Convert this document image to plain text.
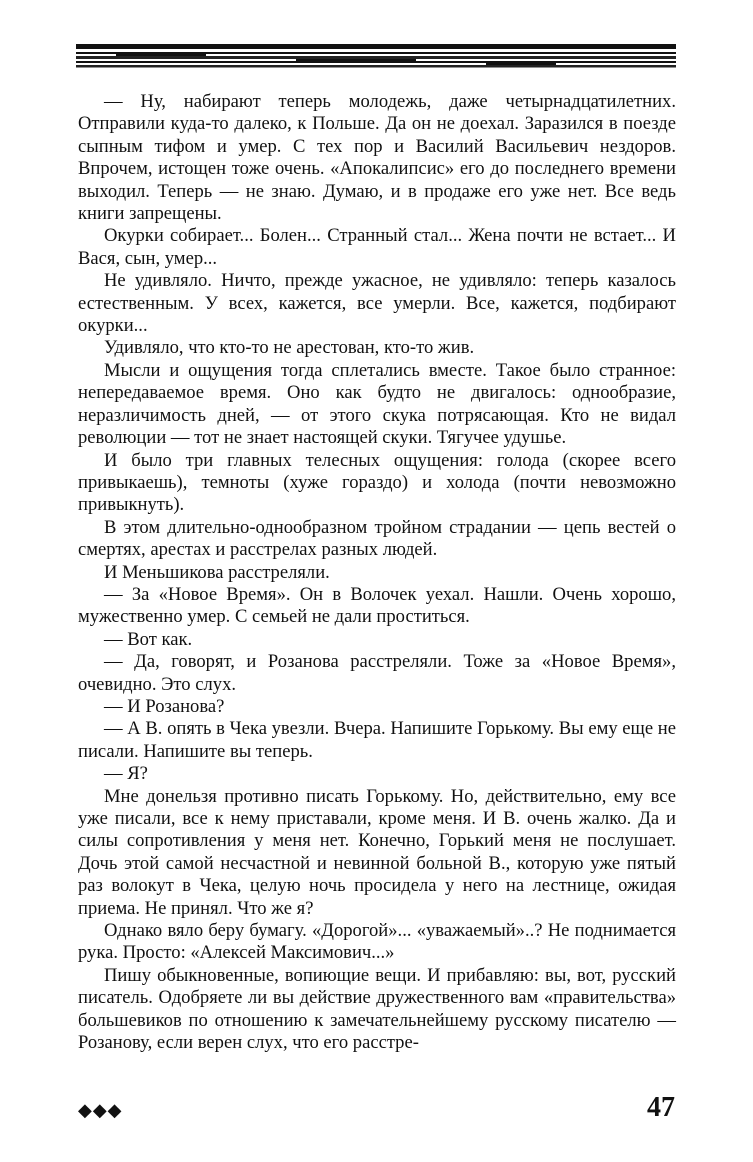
— Ну, набирают теперь молодежь, даже четырнадцатилетних. Отправили куда-то далеко, к Польше. Да он не доехал. Заразился в поезде сыпным тифом и умер. С тех пор и Василий Васильевич нездоров. Впрочем, истощен тоже очень. «Апокалипсис» его до последнего времени выходил. Теперь — не знаю. Думаю, и в продаже его уже нет. Все ведь книги запрещены.

Окурки собирает... Болен... Странный стал... Жена почти не встает... И Вася, сын, умер...

Не удивляло. Ничто, прежде ужасное, не удивляло: теперь казалось естественным. У всех, кажется, все умерли. Все, кажется, подбирают окурки...

Удивляло, что кто-то не арестован, кто-то жив.

Мысли и ощущения тогда сплетались вместе. Такое было странное: непередаваемое время. Оно как будто не двигалось: однообразие, неразличимость дней, — от этого скука потрясающая. Кто не видал революции — тот не знает настоящей скуки. Тягучее удушье.

И было три главных телесных ощущения: голода (скорее всего привыкаешь), темноты (хуже гораздо) и холода (почти невозможно привыкнуть).

В этом длительно-однообразном тройном страдании — цепь вестей о смертях, арестах и расстрелах разных людей.

И Меньшикова расстреляли.

— За «Новое Время». Он в Волочек уехал. Нашли. Очень хорошо, мужественно умер. С семьей не дали проститься.

— Вот как.

— Да, говорят, и Розанова расстреляли. Тоже за «Новое Время», очевидно. Это слух.

— И Розанова?

— А В. опять в Чека увезли. Вчера. Напишите Горькому. Вы ему еще не писали. Напишите вы теперь.

— Я?

Мне донельзя противно писать Горькому. Но, действительно, ему все уже писали, все к нему приставали, кроме меня. И В. очень жалко. Да и силы сопротивления у меня нет. Конечно, Горький меня не послушает. Дочь этой самой несчастной и невинной больной В., которую уже пятый раз волокут в Чека, целую ночь просидела у него на лестнице, ожидая приема. Не принял. Что же я?

Однако вяло беру бумагу. «Дорогой»... «уважаемый»..? Не поднимается рука. Просто: «Алексей Максимович...»

Пишу обыкновенные, вопиющие вещи. И прибавляю: вы, вот, русский писатель. Одобряете ли вы действие дружественного вам «правительства» большевиков по отношению к замечательнейшему русскому писателю — Розанову, если верен слух, что его расстре-

◆◆◆	47
